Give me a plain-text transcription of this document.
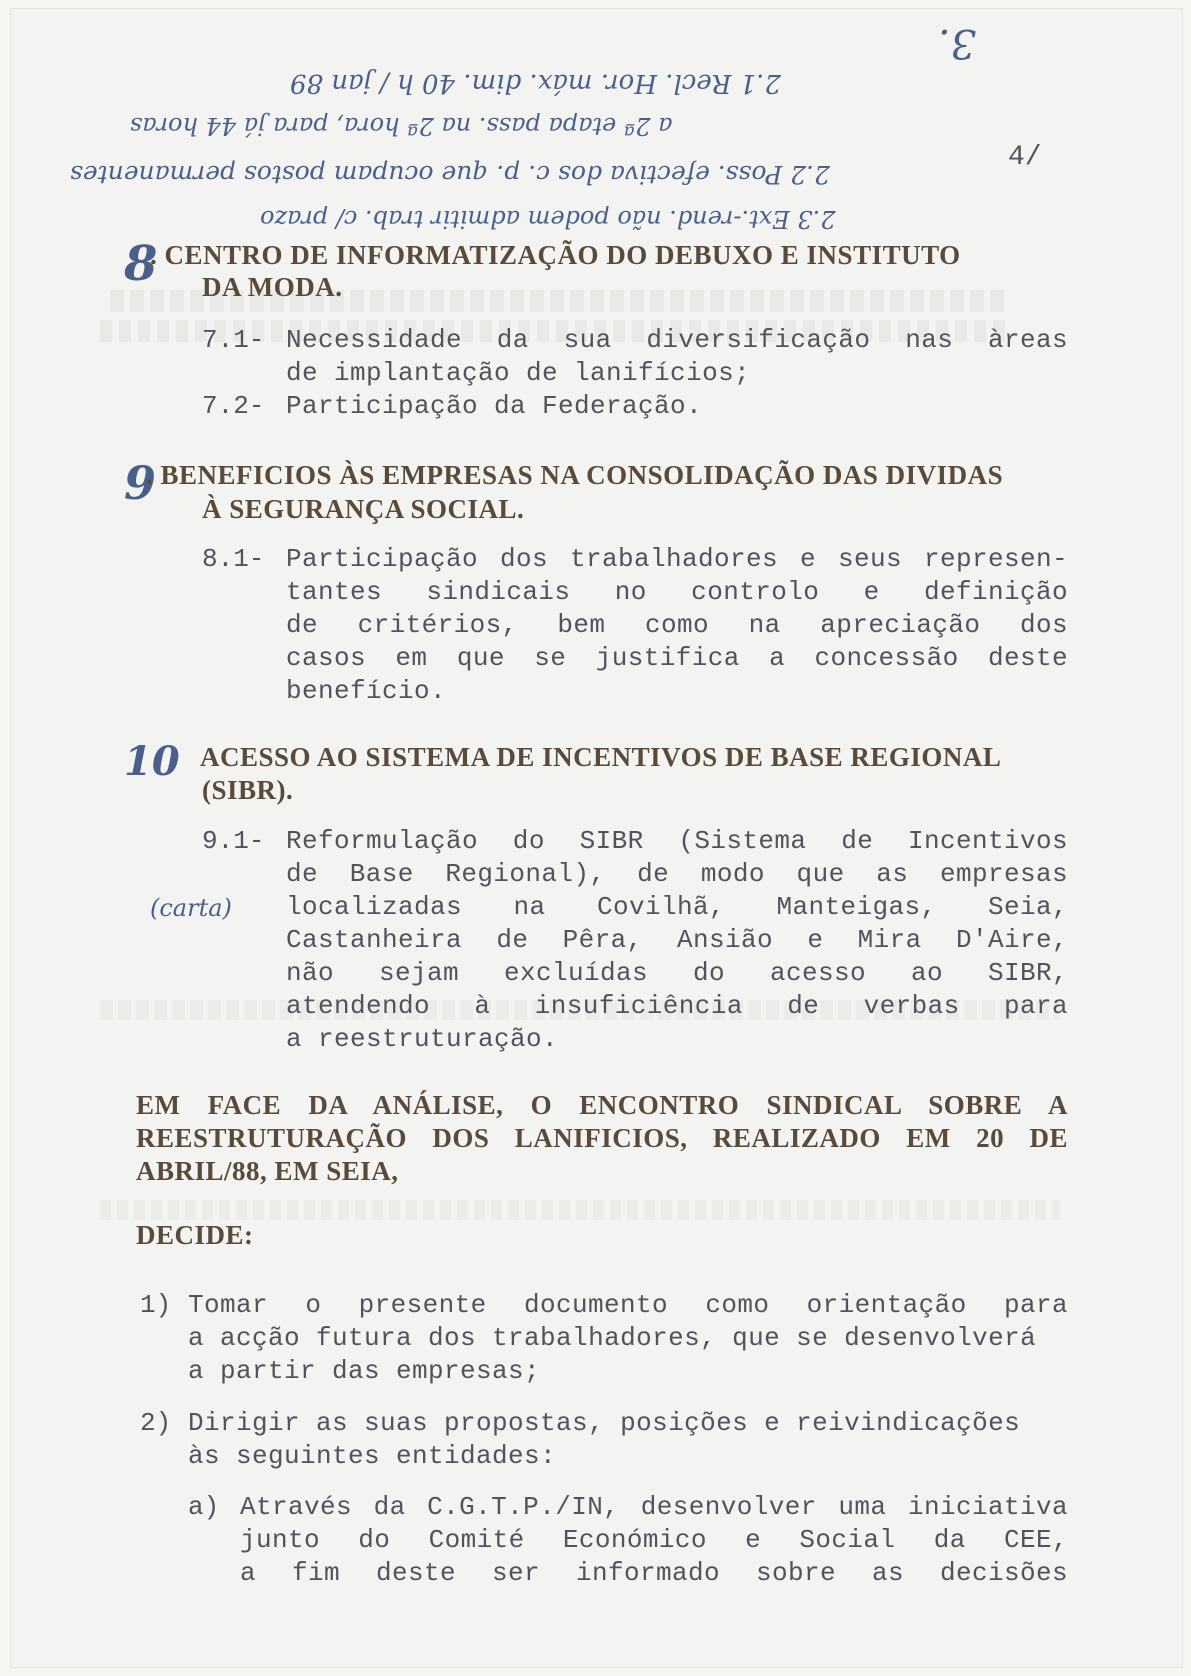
3.
2.1 Recl. Hor. máx. dim. 40 h / jan 89
a 2ª etapa pass. na 2ª hora, para já 44 horas
2.2 Poss. efectiva dos c. p. que ocupam postos permanentes
2.3 Ext.-rend. não podem admitir trab. c/ prazo
4/
8
. CENTRO DE INFORMATIZAÇÃO DO DEBUXO E INSTITUTO
DA MODA.
7.1- Necessidade da sua diversificação nas àreas
de implantação de lanifícios;
7.2- Participação da Federação.
9
. BENEFICIOS ÀS EMPRESAS NA CONSOLIDAÇÃO DAS DIVIDAS
À SEGURANÇA SOCIAL.
8.1- Participação dos trabalhadores e seus represen-
tantes sindicais no controlo e definição
de critérios, bem como na apreciação dos
casos em que se justifica a concessão deste
benefício.
10 ACESSO AO SISTEMA DE INCENTIVOS DE BASE REGIONAL
(SIBR).
9.1- Reformulação do SIBR (Sistema de Incentivos
de Base Regional), de modo que as empresas
(carta) localizadas na Covilhã, Manteigas, Seia,
Castanheira de Pêra, Ansião e Mira D'Aire,
não sejam excluídas do acesso ao SIBR,
atendendo à insuficiência de verbas para
a reestruturação.
EM FACE DA ANÁLISE, O ENCONTRO SINDICAL SOBRE A
REESTRUTURAÇÃO DOS LANIFICIOS, REALIZADO EM 20 DE
ABRIL/88, EM SEIA,
DECIDE:
1) Tomar o presente documento como orientação para
a acção futura dos trabalhadores, que se desenvolverá
a partir das empresas;
2) Dirigir as suas propostas, posições e reivindicações
às seguintes entidades:
a) Através da C.G.T.P./IN, desenvolver uma iniciativa
junto do Comité Económico e Social da CEE,
a fim deste ser informado sobre as decisões
